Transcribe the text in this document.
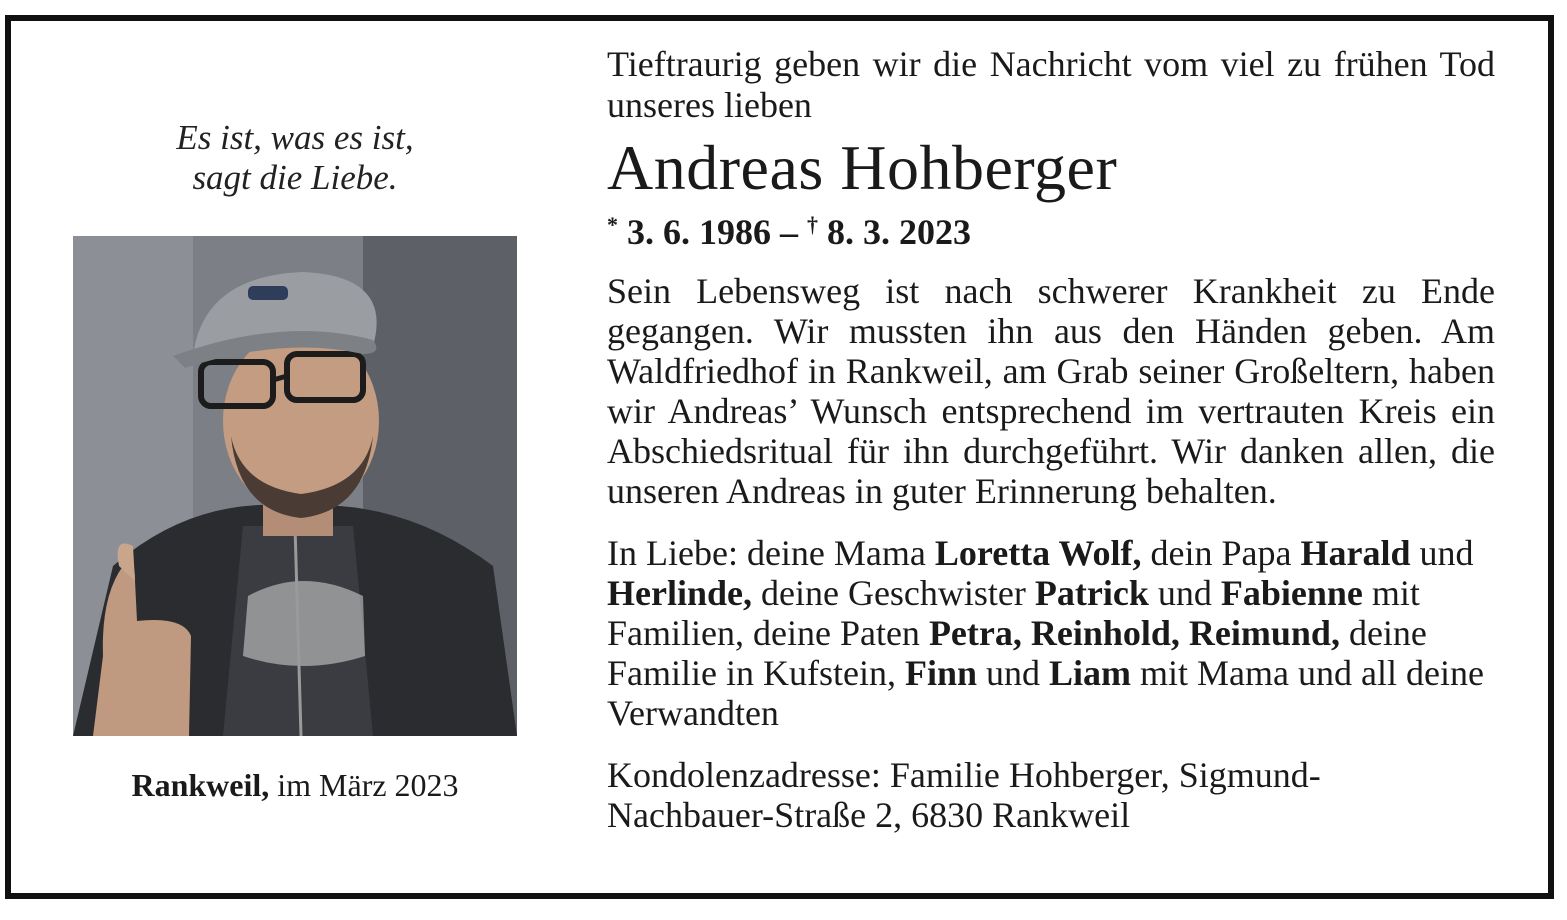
Es ist, was es ist,
sagt die Liebe.
Rankweil, im März 2023

Tieftraurig geben wir die Nachricht vom viel zu frühen Tod unseres lieben

Andreas Hohberger
* 3. 6. 1986 – † 8. 3. 2023

Sein Lebensweg ist nach schwerer Krankheit zu Ende gegangen. Wir mussten ihn aus den Händen geben. Am Waldfriedhof in Rankweil, am Grab seiner Großeltern, haben wir Andreas’ Wunsch entsprechend im vertrauten Kreis ein Abschiedsritual für ihn durchgeführt. Wir danken allen, die unseren Andreas in guter Erinnerung behalten.

In Liebe: deine Mama Loretta Wolf, dein Papa Harald und Herlinde, deine Geschwister Patrick und Fabienne mit Familien, deine Paten Petra, Reinhold, Reimund, deine Familie in Kufstein, Finn und Liam mit Mama und all deine Verwandten

Kondolenzadresse: Familie Hohberger, Sigmund-
Nachbauer-Straße 2, 6830 Rankweil
